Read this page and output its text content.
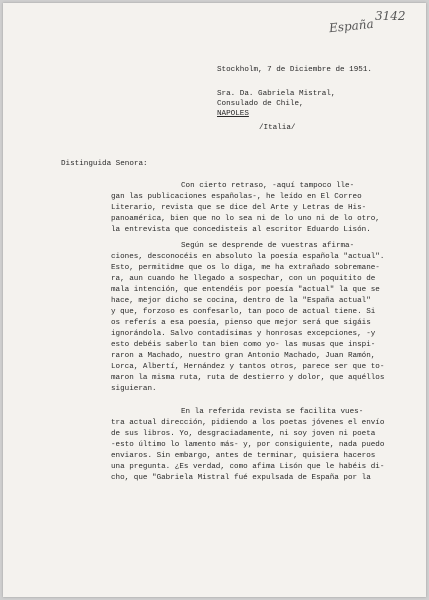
España
3142
Stockholm, 7 de Diciembre de 1951.
Sra. Da. Gabriela Mistral,
Consulado de Chile,
NAPOLES
/Italia/
Distinguida Senora:
Con cierto retraso, -aquí tampoco lle-
gan las publicaciones españolas-, he leído en El Correo
Literario, revista que se dice del Arte y Letras de His-
panoamérica, bien que no lo sea ni de lo uno ni de lo otro,
la entrevista que concedisteis al escritor Eduardo Lisón.
Según se desprende de vuestras afirma-
ciones, desconocéis en absoluto la poesía española "actual".
Esto, permitidme que os lo diga, me ha extrañado sobremane-
ra, aun cuando he llegado a sospechar, con un poquitito de
mala intención, que entendéis por poesía "actual" la que se
hace, mejor dicho se cocina, dentro de la "España actual"
y que, forzoso es confesarlo, tan poco de actual tiene. Si
os referís a esa poesía, pienso que mejor será que sigáis
ignorándola. Salvo contadísimas y honrosas excepciones, -y
esto debéis saberlo tan bien como yo- las musas que inspi-
raron a Machado, nuestro gran Antonio Machado, Juan Ramón,
Lorca, Albertí, Hernández y tantos otros, parece ser que to-
maron la misma ruta, ruta de destierro y dolor, que aquéllos
siguieran.
En la referida revista se facilita vues-
tra actual dirección, pidiendo a los poetas jóvenes el envío
de sus libros. Yo, desgraciadamente, ni soy joven ni poeta
-esto último lo lamento más- y, por consiguiente, nada puedo
enviaros. Sin embargo, antes de terminar, quisiera haceros
una pregunta. ¿Es verdad, como afima Lisón que le habéis di-
cho, que "Gabriela Mistral fué expulsada de España por la
